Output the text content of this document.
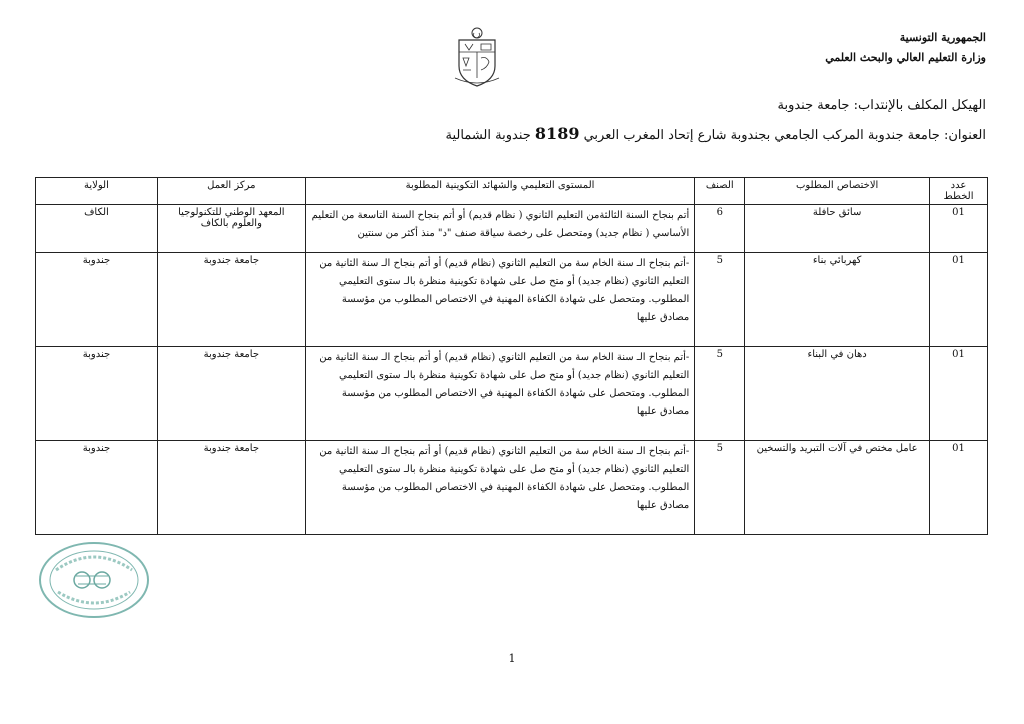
الجمهورية التونسية
وزارة التعليم العالي والبحث العلمي
الهيكل المكلف بالإنتداب: جامعة جندوبة
العنوان: جامعة جندوبة المركب الجامعي بجندوبة شارع إتحاد المغرب العربي 8189 جندوبة الشمالية
عدد الخطط	الاختصاص المطلوب	الصنف	المستوى التعليمي والشهائد التكوينية المطلوبة	مركز العمل	الولاية
01	سائق حافلة	6	أتم بنجاح السنة الثالثةمن التعليم الثانوي ( نظام قديم) أو أتم بنجاح السنة التاسعة من التعليم الأساسي ( نظام جديد) ومتحصل على رخصة سياقة صنف "د" منذ أكثر من سنتين	المعهد الوطني للتكنولوجيا والعلوم بالكاف	الكاف
01	كهربائي بناء	5	-أتم بنجاح الـ سنة الخام سة من التعليم الثانوي (نظام قديم) أو أتم بنجاح الـ سنة الثانية من التعليم الثانوي (نظام جديد) أو متح صل على شهادة تكوينية منظرة بالـ ستوى التعليمي المطلوب. ومتحصل على شهادة الكفاءة المهنية في الاختصاص المطلوب من مؤسسة مصادق عليها	جامعة جندوبة	جندوبة
01	دهان في البناء	5	-أتم بنجاح الـ سنة الخام سة من التعليم الثانوي (نظام قديم) أو أتم بنجاح الـ سنة الثانية من التعليم الثانوي (نظام جديد) أو متح صل على شهادة تكوينية منظرة بالـ ستوى التعليمي المطلوب. ومتحصل على شهادة الكفاءة المهنية في الاختصاص المطلوب من مؤسسة مصادق عليها	جامعة جندوبة	جندوبة
01	عامل مختص في آلات التبريد والتسخين	5	-أتم بنجاح الـ سنة الخام سة من التعليم الثانوي (نظام قديم) أو أتم بنجاح الـ سنة الثانية من التعليم الثانوي (نظام جديد) أو متح صل على شهادة تكوينية منظرة بالـ ستوى التعليمي المطلوب. ومتحصل على شهادة الكفاءة المهنية في الاختصاص المطلوب من مؤسسة مصادق عليها	جامعة جندوبة	جندوبة
1
